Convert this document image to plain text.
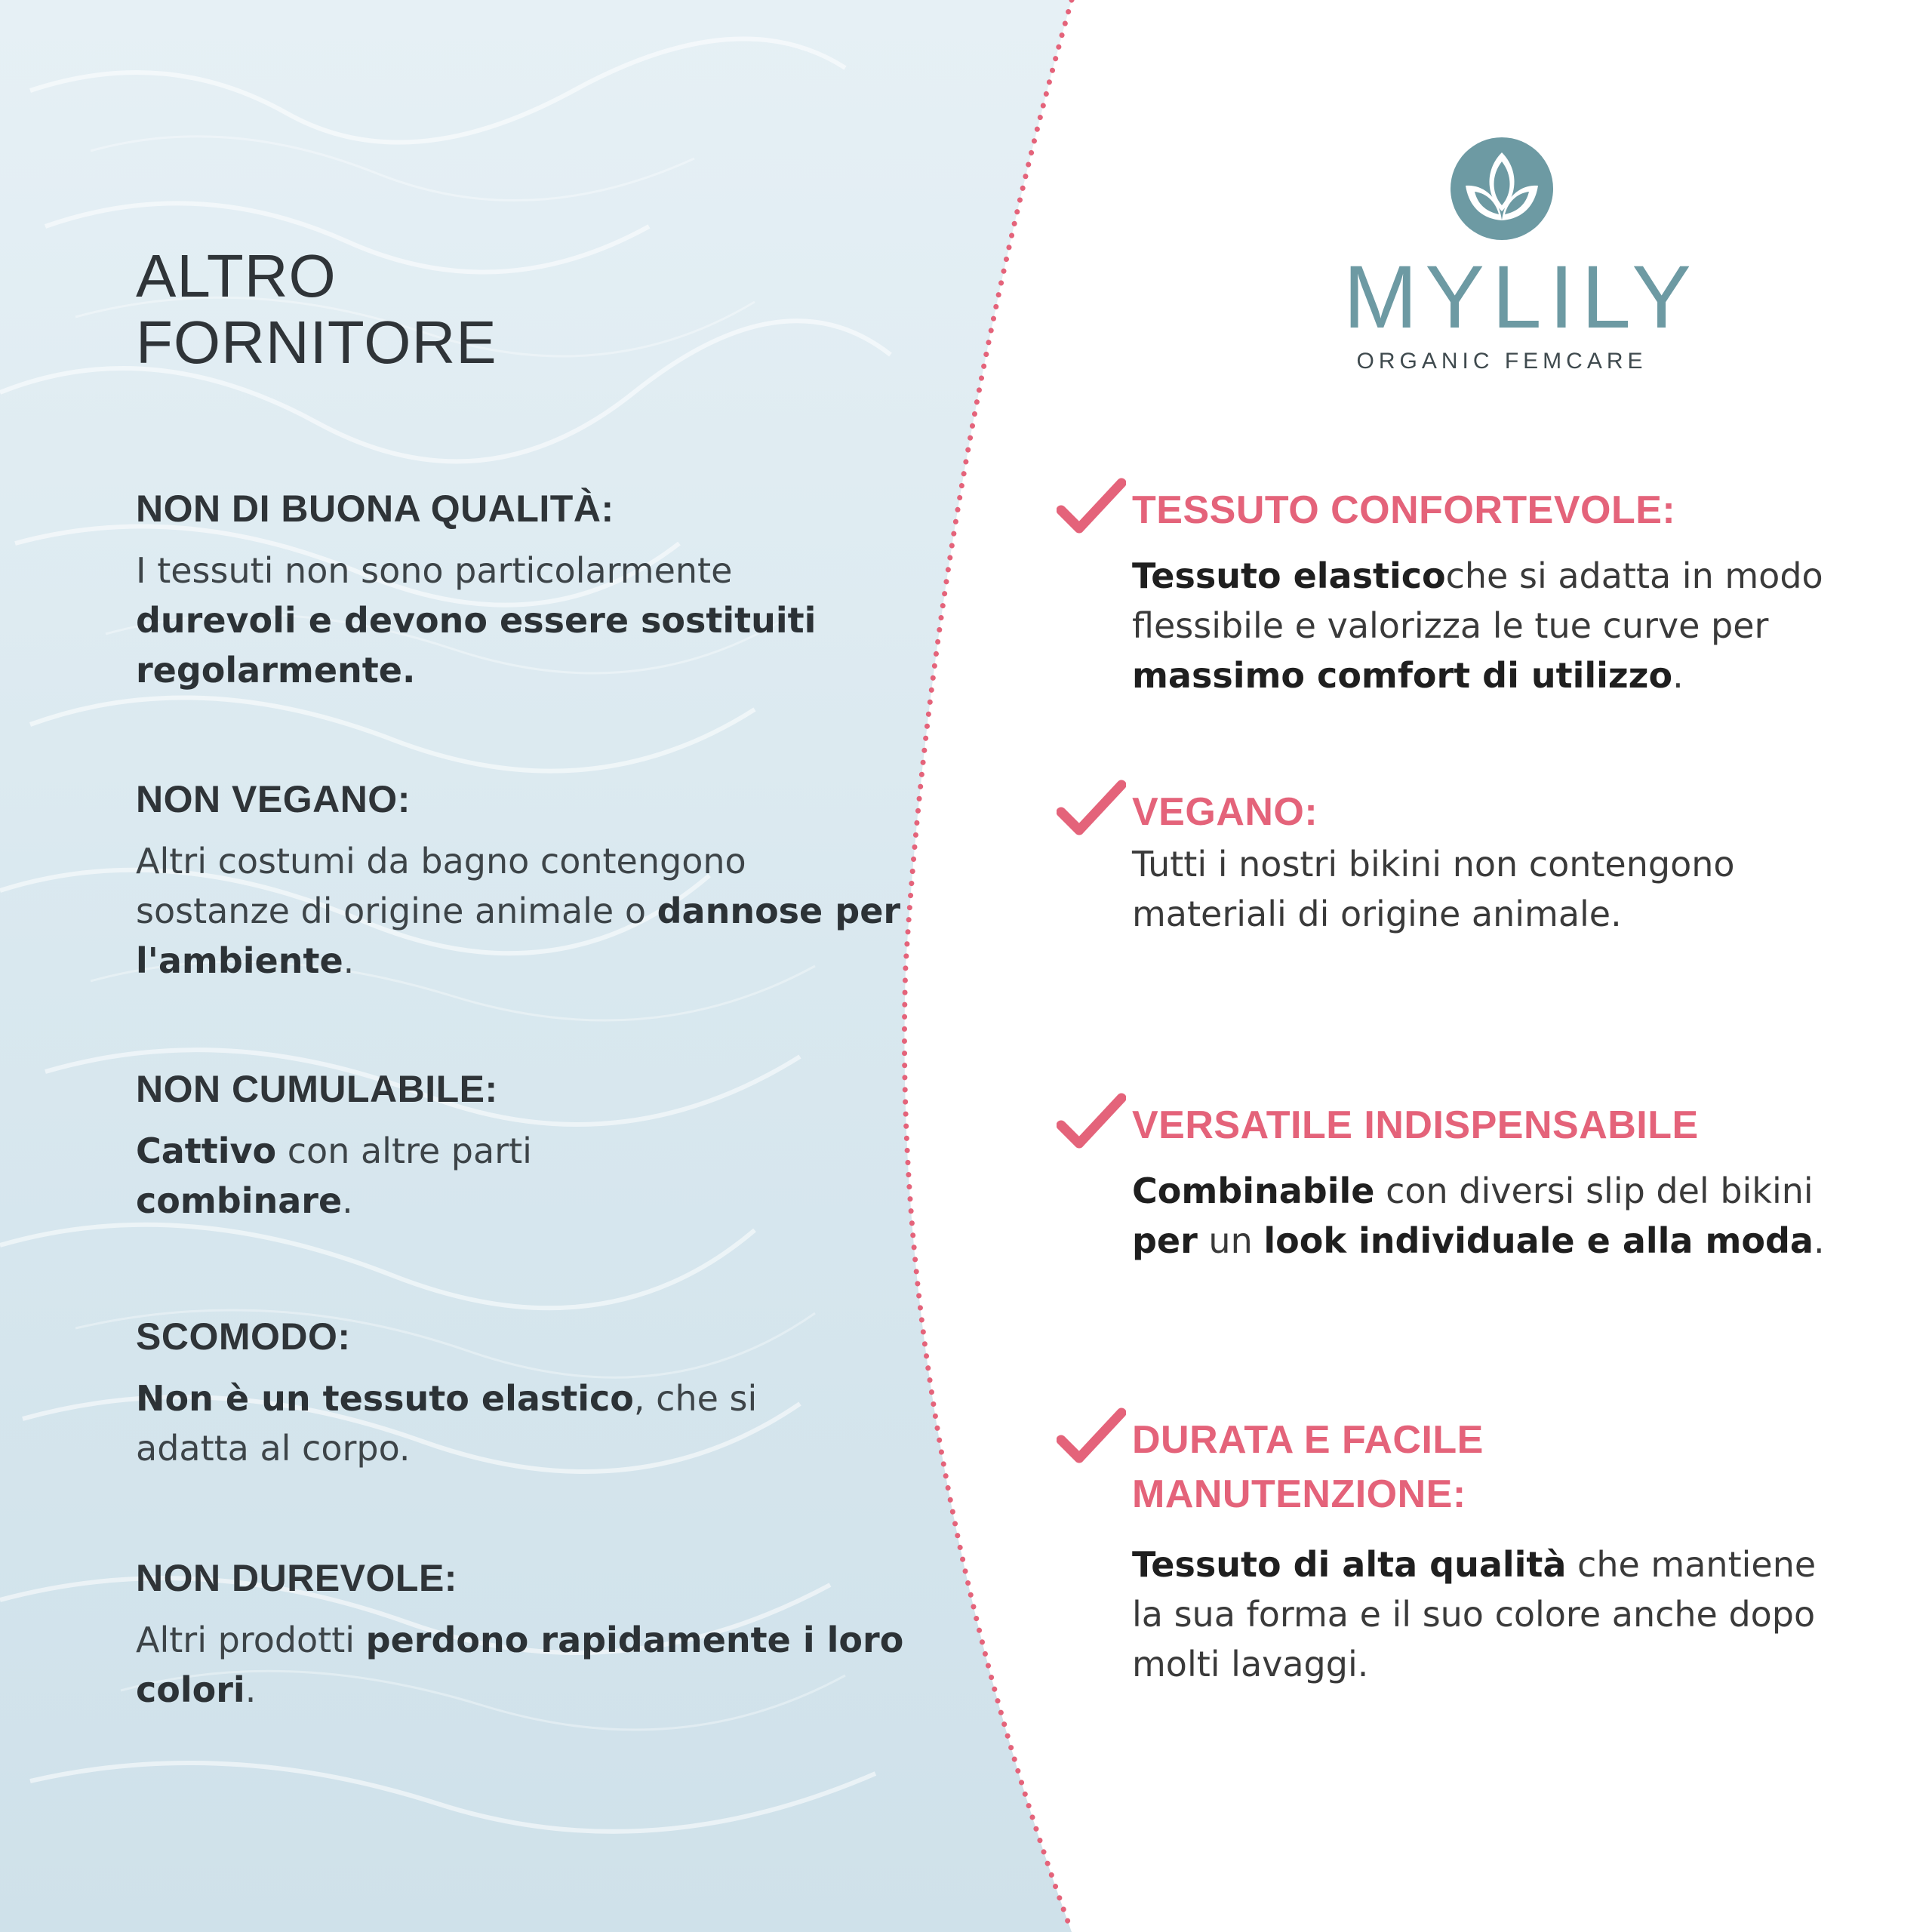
ALTRO
FORNITORE
NON DI BUONA QUALITÀ:

I tessuti non sono particolarmente durevoli e devono essere sostituiti regolarmente.

NON VEGANO:

Altri costumi da bagno contengono sostanze di origine animale o dannose per l'ambiente.

NON CUMULABILE:

Cattivo con altre parti combinare.

SCOMODO:

Non è un tessuto elastico, che si adatta al corpo.

NON DUREVOLE:

Altri prodotti perdono rapidamente i loro colori.

MYLILY
ORGANIC FEMCARE
TESSUTO CONFORTEVOLE:

Tessuto elasticoche si adatta in modo flessibile e valorizza le tue curve per massimo comfort di utilizzo.

VEGANO:

Tutti i nostri bikini non contengono materiali di origine animale.

VERSATILE INDISPENSABILE

Combinabile con diversi slip del bikini per un look individuale e alla moda.

DURATA E FACILE MANUTENZIONE:

Tessuto di alta qualità che mantiene la sua forma e il suo colore anche dopo molti lavaggi.
